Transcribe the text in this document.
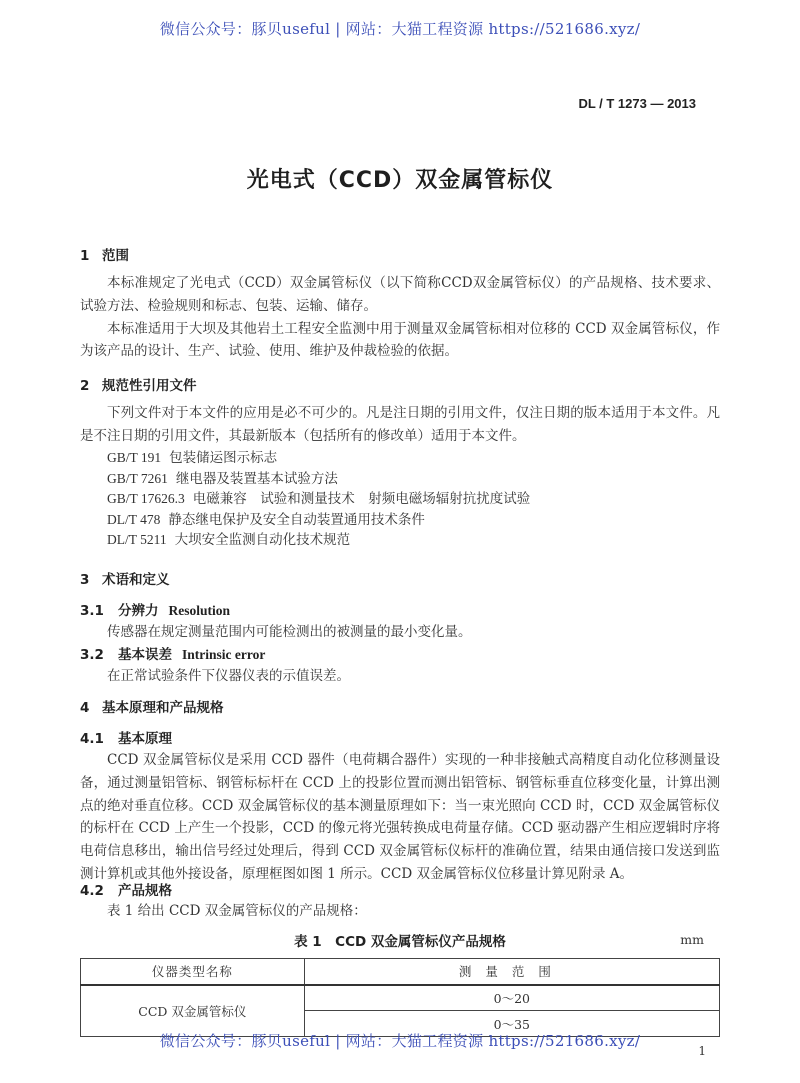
微信公众号：豚贝useful | 网站：大猫工程资源 https://521686.xyz/
DL / T 1273 — 2013
光电式（CCD）双金属管标仪
1 范围

本标准规定了光电式（CCD）双金属管标仪（以下简称CCD双金属管标仪）的产品规格、技术要求、试验方法、检验规则和标志、包装、运输、储存。

本标准适用于大坝及其他岩土工程安全监测中用于测量双金属管标相对位移的 CCD 双金属管标仪，作为该产品的设计、生产、试验、使用、维护及仲裁检验的依据。

2 规范性引用文件

下列文件对于本文件的应用是必不可少的。凡是注日期的引用文件，仅注日期的版本适用于本文件。凡是不注日期的引用文件，其最新版本（包括所有的修改单）适用于本文件。

GB/T 191 包装储运图示标志
GB/T 7261 继电器及装置基本试验方法
GB/T 17626.3 电磁兼容　试验和测量技术　射频电磁场辐射抗扰度试验
DL/T 478 静态继电保护及安全自动装置通用技术条件
DL/T 5211 大坝安全监测自动化技术规范
3 术语和定义
3.1 分辨力 Resolution

传感器在规定测量范围内可能检测出的被测量的最小变化量。

3.2 基本误差 Intrinsic error

在正常试验条件下仪器仪表的示值误差。

4 基本原理和产品规格
4.1 基本原理

CCD 双金属管标仪是采用 CCD 器件（电荷耦合器件）实现的一种非接触式高精度自动化位移测量设备，通过测量铝管标、钢管标标杆在 CCD 上的投影位置而测出铝管标、钢管标垂直位移变化量，计算出测点的绝对垂直位移。CCD 双金属管标仪的基本测量原理如下：当一束光照向 CCD 时，CCD 双金属管标仪的标杆在 CCD 上产生一个投影，CCD 的像元将光强转换成电荷量存储。CCD 驱动器产生相应逻辑时序将电荷信息移出，输出信号经过处理后，得到 CCD 双金属管标仪标杆的准确位置，结果由通信接口发送到监测计算机或其他外接设备，原理框图如图 1 所示。CCD 双金属管标仪位移量计算见附录 A。

4.2 产品规格

表 1 给出 CCD 双金属管标仪的产品规格：

表 1　CCD 双金属管标仪产品规格	mm
仪器类型名称	测量范围
CCD 双金属管标仪	0～20
	0～35
微信公众号：豚贝useful | 网站：大猫工程资源 https://521686.xyz/
1
